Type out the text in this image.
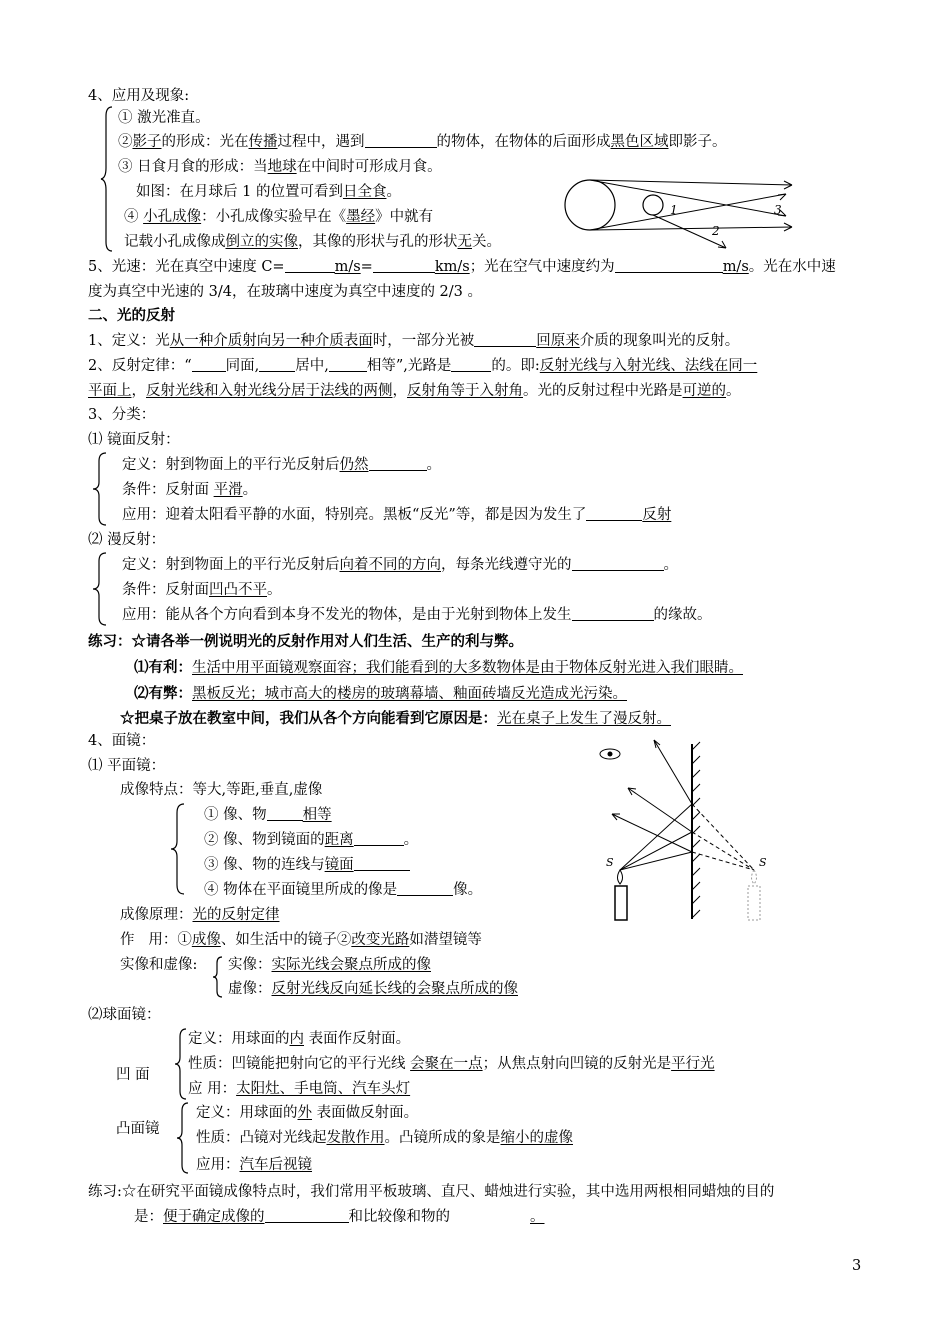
4、应用及现象:
① 激光准直。
②影子的形成：光在传播过程中，遇到	的物体，在物体的后面形成黑色区域即影子。
③ 日食月食的形成：当地球在中间时可形成月食。
如图：在月球后 1 的位置可看到日全食。
④ 小孔成像：小孔成像实验早在《墨经》中就有
记载小孔成像成倒立的实像，其像的形状与孔的形状无关。
1
2
3
5、光速：光在真空中速度 C=	m/s=	km/s；光在空气中速度约为	m/s。光在水中速
度为真空中光速的 3/4，在玻璃中速度为真空中速度的 2/3 。
二、光的反射
1、定义：光从一种介质射向另一种介质表面时，一部分光被	回原来介质的现象叫光的反射。
2、反射定律：“ 同面, 居中,	相等”,光路是	的。即:反射光线与入射光线、法线在同一
平面上，反射光线和入射光线分居于法线的两侧，反射角等于入射角。光的反射过程中光路是可逆的。
3、分类：
⑴ 镜面反射：
定义：射到物面上的平行光反射后仍然	。
条件：反射面 平滑。
应用：迎着太阳看平静的水面，特别亮。黑板“反光”等，都是因为发生了	反射
⑵ 漫反射：
定义：射到物面上的平行光反射后向着不同的方向，每条光线遵守光的	。
条件：反射面凹凸不平。
应用：能从各个方向看到本身不发光的物体，是由于光射到物体上发生	的缘故。
练习：☆请各举一例说明光的反射作用对人们生活、生产的利与弊。
⑴有利：生活中用平面镜观察面容；我们能看到的大多数物体是由于物体反射光进入我们眼睛。
⑵有弊：黑板反光；城市高大的楼房的玻璃幕墙、釉面砖墙反光造成光污染。
☆把桌子放在教室中间，我们从各个方向能看到它原因是：光在桌子上发生了漫反射。
4、面镜：
⑴ 平面镜：
成像特点：等大,等距,垂直,虚像
① 像、物 相等
② 像、物到镜面的距离	。
③ 像、物的连线与镜面
④ 物体在平面镜里所成的像是	像。
成像原理：光的反射定律
作   用：①成像、如生活中的镜子②改变光路如潜望镜等
实像和虚像: 实像：实际光线会聚点所成的像
虚像：反射光线反向延长线的会聚点所成的像
S	S
⑵球面镜：
凹 面
定义：用球面的内 表面作反射面。
性质：凹镜能把射向它的平行光线 会聚在一点；从焦点射向凹镜的反射光是平行光
应 用：太阳灶、手电筒、汽车头灯
凸面镜
定义：用球面的外 表面做反射面。
性质：凸镜对光线起发散作用。凸镜所成的象是缩小的虚像
应用：汽车后视镜
练习:☆在研究平面镜成像特点时，我们常用平板玻璃、直尺、蜡烛进行实验，其中选用两根相同蜡烛的目的
是：便于确定成像的	和比较像和物的	。
3
